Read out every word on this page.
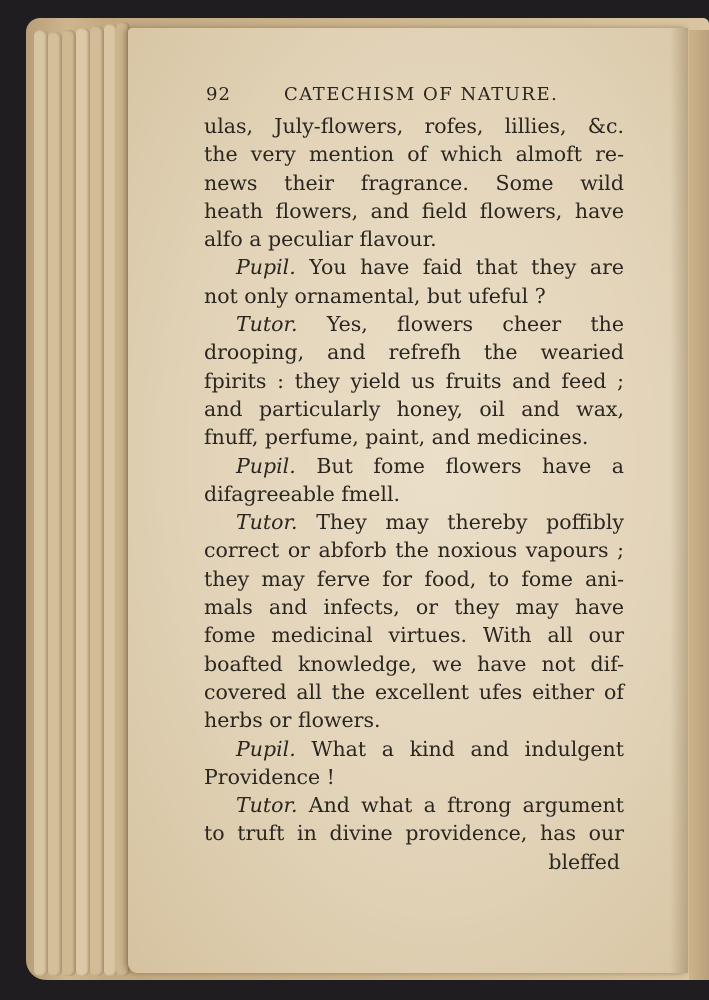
92	CATECHISM OF NATURE.
ulas, July-flowers, rofes, lillies, &c.
the very mention of which almoft re-
news their fragrance. Some wild
heath flowers, and field flowers, have
alfo a peculiar flavour.
Pupil. You have faid that they are
not only ornamental, but ufeful ?
Tutor. Yes, flowers cheer the
drooping, and refrefh the wearied
fpirits : they yield us fruits and feed ;
and particularly honey, oil and wax,
fnuff, perfume, paint, and medicines.
Pupil. But fome flowers have a
difagreeable fmell.
Tutor. They may thereby poffibly
correct or abforb the noxious vapours ;
they may ferve for food, to fome ani-
mals and infects, or they may have
fome medicinal virtues. With all our
boafted knowledge, we have not dif-
covered all the excellent ufes either of
herbs or flowers.
Pupil. What a kind and indulgent
Providence !
Tutor. And what a ftrong argument
to truft in divine providence, has our
bleffed
